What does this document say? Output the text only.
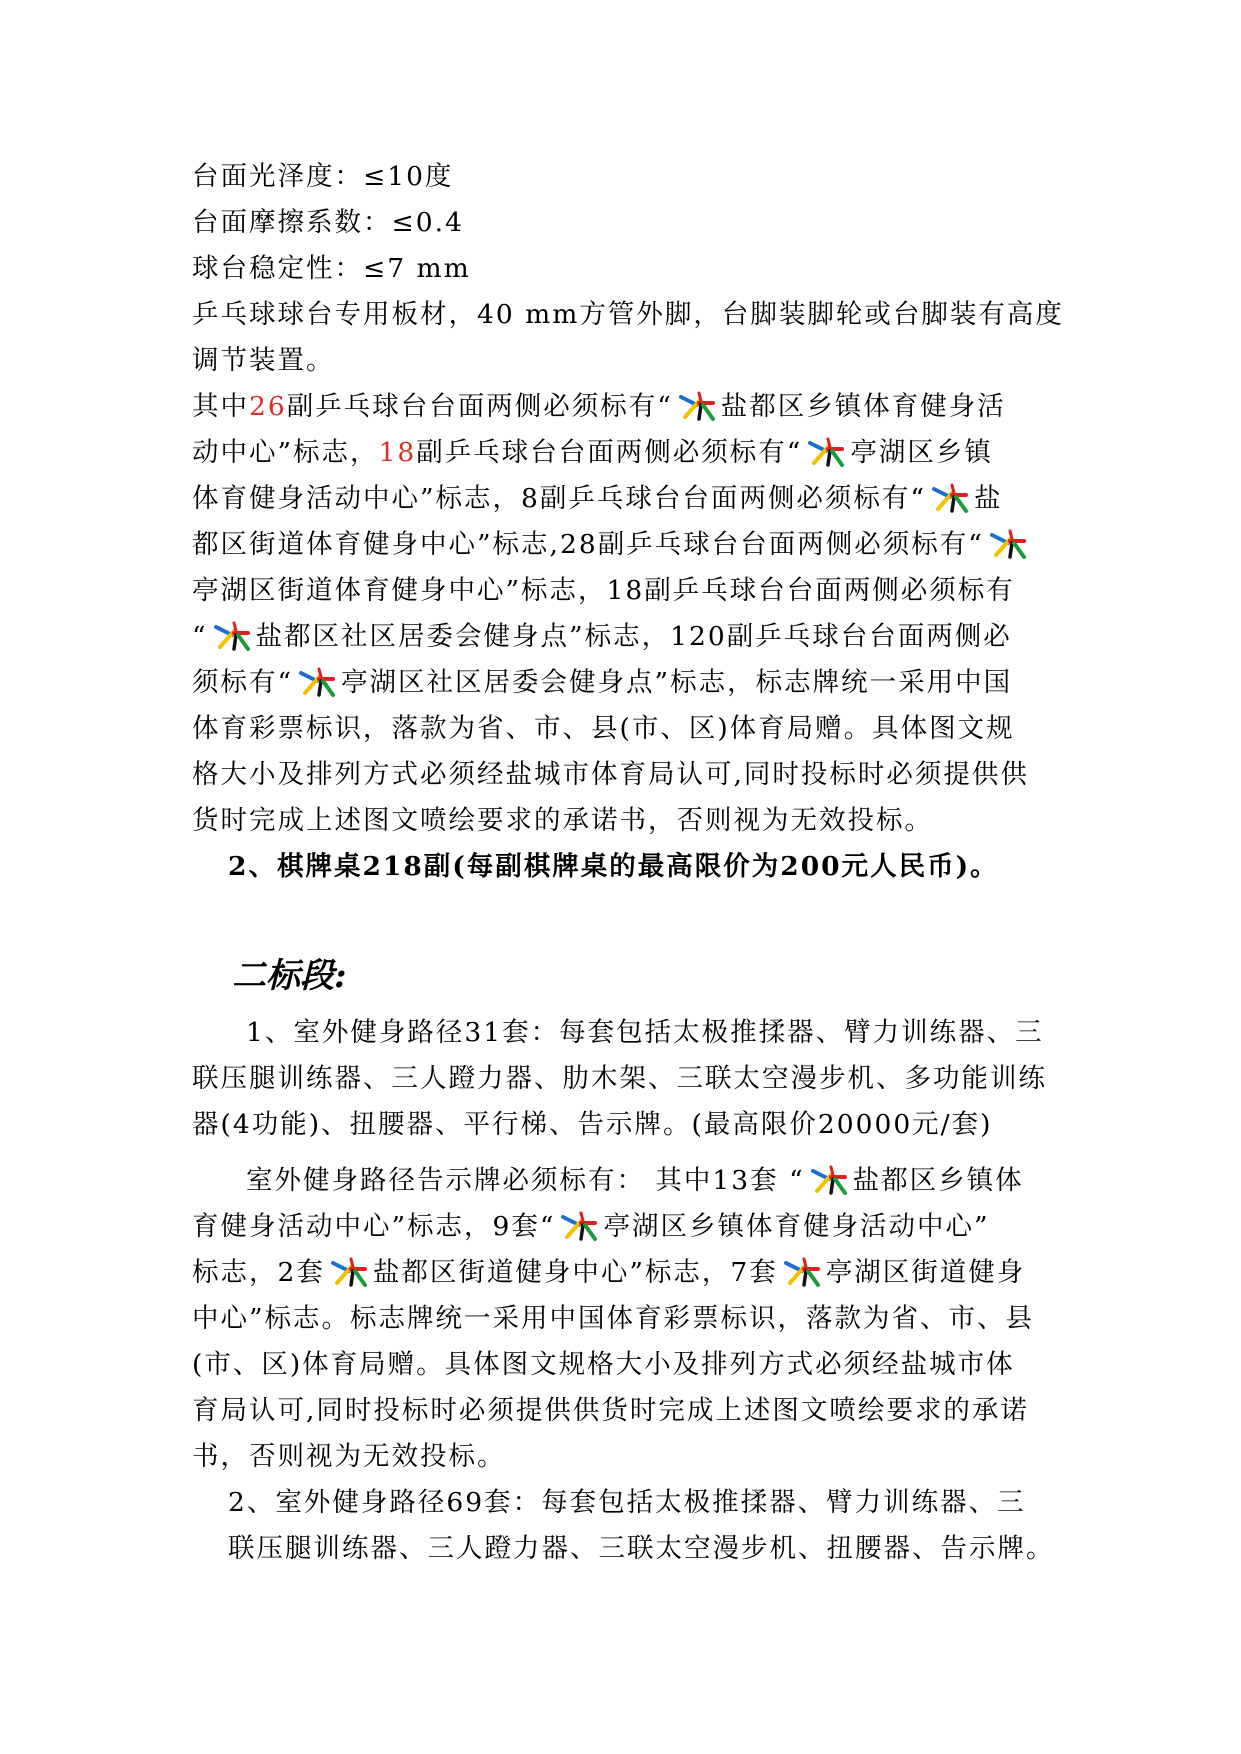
台面光泽度：≤10度
台面摩擦系数：≤0.4
球台稳定性：≤7 mm
乒乓球球台专用板材，40 mm方管外脚，台脚装脚轮或台脚装有高度
调节装置。
其中26副乒乓球台台面两侧必须标有“ 盐都区乡镇体育健身活
动中心”标志，18副乒乓球台台面两侧必须标有“ 亭湖区乡镇
体育健身活动中心”标志，8副乒乓球台台面两侧必须标有“ 盐
都区街道体育健身中心”标志,28副乒乓球台台面两侧必须标有“
亭湖区街道体育健身中心”标志，18副乒乓球台台面两侧必须标有
“ 盐都区社区居委会健身点”标志，120副乒乓球台台面两侧必
须标有“ 亭湖区社区居委会健身点”标志，标志牌统一采用中国
体育彩票标识，落款为省、市、县(市、区)体育局赠。具体图文规
格大小及排列方式必须经盐城市体育局认可,同时投标时必须提供供
货时完成上述图文喷绘要求的承诺书，否则视为无效投标。
2、棋牌桌218副(每副棋牌桌的最高限价为200元人民币)。
二标段:
1、室外健身路径31套：每套包括太极推揉器、臂力训练器、三
联压腿训练器、三人蹬力器、肋木架、三联太空漫步机、多功能训练
器(4功能)、扭腰器、平行梯、告示牌。(最高限价20000元/套)
室外健身路径告示牌必须标有： 其中13套 “ 盐都区乡镇体
育健身活动中心”标志，9套“ 亭湖区乡镇体育健身活动中心”
标志，2套 盐都区街道健身中心”标志，7套 亭湖区街道健身
中心”标志。标志牌统一采用中国体育彩票标识，落款为省、市、县
(市、区)体育局赠。具体图文规格大小及排列方式必须经盐城市体
育局认可,同时投标时必须提供供货时完成上述图文喷绘要求的承诺
书，否则视为无效投标。
2、室外健身路径69套：每套包括太极推揉器、臂力训练器、三
联压腿训练器、三人蹬力器、三联太空漫步机、扭腰器、告示牌。
